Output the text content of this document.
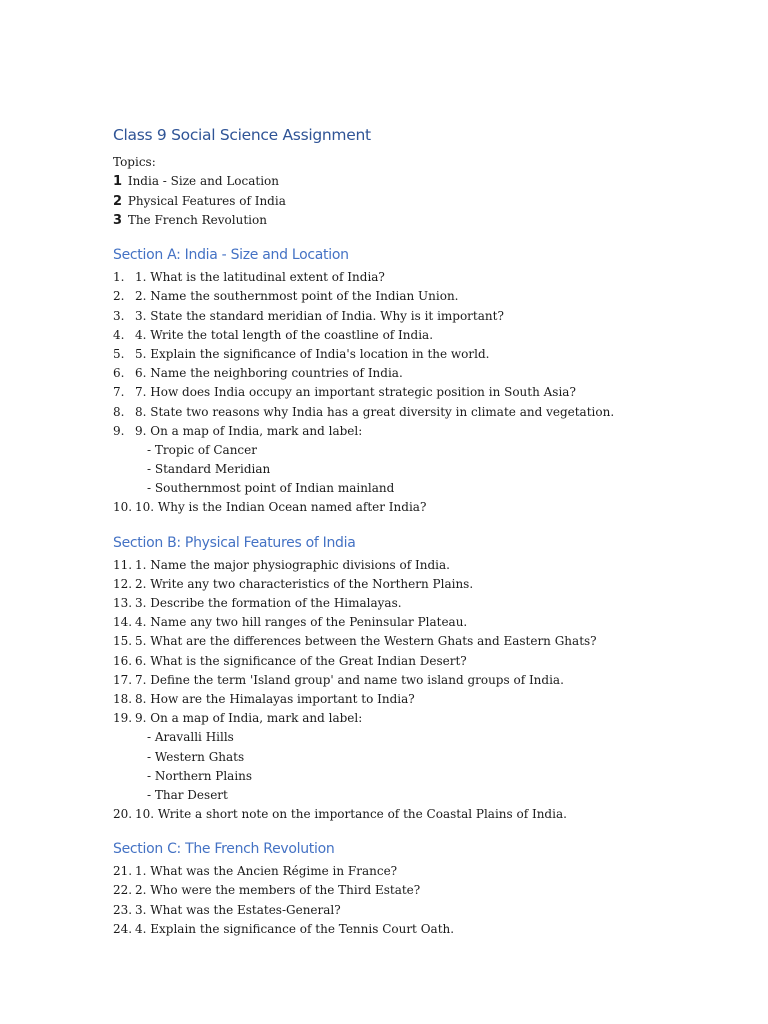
Class 9 Social Science Assignment
Topics:
1 India - Size and Location
2 Physical Features of India
3 The French Revolution
Section A: India - Size and Location
1. 1. What is the latitudinal extent of India?
2. 2. Name the southernmost point of the Indian Union.
3. 3. State the standard meridian of India. Why is it important?
4. 4. Write the total length of the coastline of India.
5. 5. Explain the significance of India's location in the world.
6. 6. Name the neighboring countries of India.
7. 7. How does India occupy an important strategic position in South Asia?
8. 8. State two reasons why India has a great diversity in climate and vegetation.
9. 9. On a map of India, mark and label:
- Tropic of Cancer
- Standard Meridian
- Southernmost point of Indian mainland
10. 10. Why is the Indian Ocean named after India?
Section B: Physical Features of India
11. 1. Name the major physiographic divisions of India.
12. 2. Write any two characteristics of the Northern Plains.
13. 3. Describe the formation of the Himalayas.
14. 4. Name any two hill ranges of the Peninsular Plateau.
15. 5. What are the differences between the Western Ghats and Eastern Ghats?
16. 6. What is the significance of the Great Indian Desert?
17. 7. Define the term 'Island group' and name two island groups of India.
18. 8. How are the Himalayas important to India?
19. 9. On a map of India, mark and label:
- Aravalli Hills
- Western Ghats
- Northern Plains
- Thar Desert
20. 10. Write a short note on the importance of the Coastal Plains of India.
Section C: The French Revolution
21. 1. What was the Ancien Régime in France?
22. 2. Who were the members of the Third Estate?
23. 3. What was the Estates-General?
24. 4. Explain the significance of the Tennis Court Oath.
